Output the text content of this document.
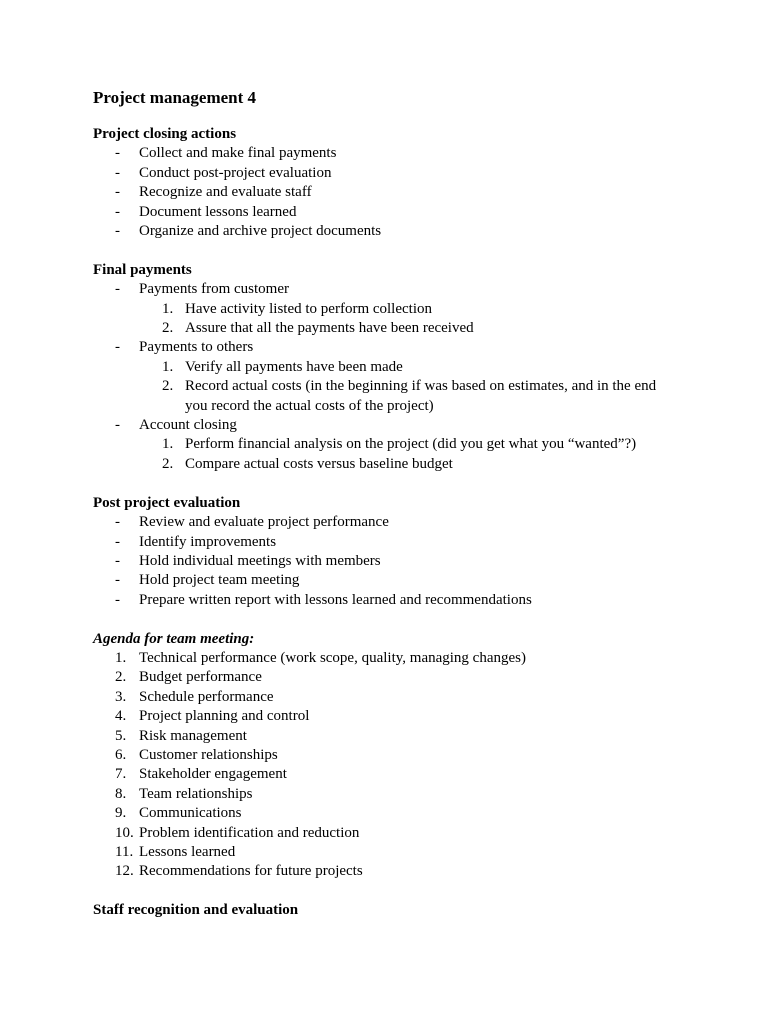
Project management 4
Project closing actions
- Collect and make final payments
- Conduct post-project evaluation
- Recognize and evaluate staff
- Document lessons learned
- Organize and archive project documents
Final payments
- Payments from customer
1. Have activity listed to perform collection
2. Assure that all the payments have been received
- Payments to others
1. Verify all payments have been made
2. Record actual costs (in the beginning if was based on estimates, and in the end
you record the actual costs of the project)
- Account closing
1. Perform financial analysis on the project (did you get what you “wanted”?)
2. Compare actual costs versus baseline budget
Post project evaluation
- Review and evaluate project performance
- Identify improvements
- Hold individual meetings with members
- Hold project team meeting
- Prepare written report with lessons learned and recommendations
Agenda for team meeting:
1. Technical performance (work scope, quality, managing changes)
2. Budget performance
3. Schedule performance
4. Project planning and control
5. Risk management
6. Customer relationships
7. Stakeholder engagement
8. Team relationships
9. Communications
10. Problem identification and reduction
11. Lessons learned
12. Recommendations for future projects
Staff recognition and evaluation
